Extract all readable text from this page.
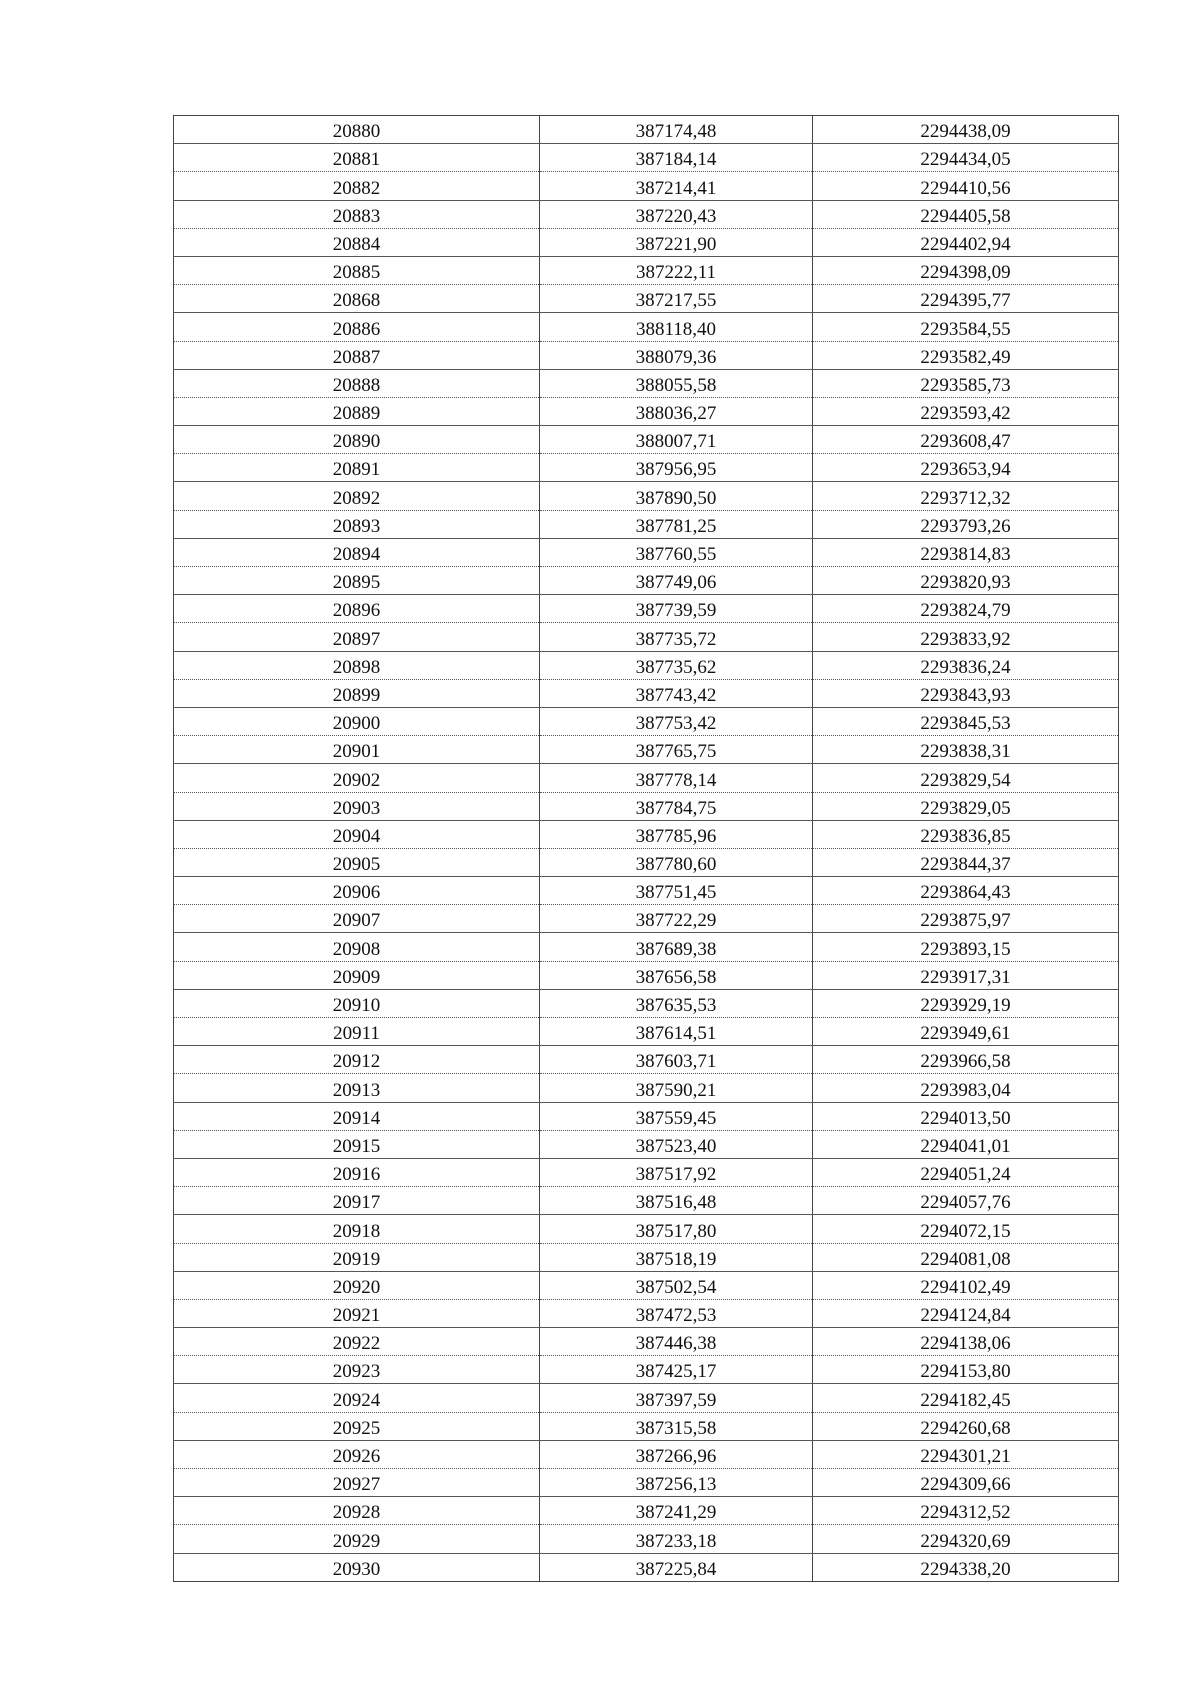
20880	387174,48	2294438,09
20881	387184,14	2294434,05
20882	387214,41	2294410,56
20883	387220,43	2294405,58
20884	387221,90	2294402,94
20885	387222,11	2294398,09
20868	387217,55	2294395,77
20886	388118,40	2293584,55
20887	388079,36	2293582,49
20888	388055,58	2293585,73
20889	388036,27	2293593,42
20890	388007,71	2293608,47
20891	387956,95	2293653,94
20892	387890,50	2293712,32
20893	387781,25	2293793,26
20894	387760,55	2293814,83
20895	387749,06	2293820,93
20896	387739,59	2293824,79
20897	387735,72	2293833,92
20898	387735,62	2293836,24
20899	387743,42	2293843,93
20900	387753,42	2293845,53
20901	387765,75	2293838,31
20902	387778,14	2293829,54
20903	387784,75	2293829,05
20904	387785,96	2293836,85
20905	387780,60	2293844,37
20906	387751,45	2293864,43
20907	387722,29	2293875,97
20908	387689,38	2293893,15
20909	387656,58	2293917,31
20910	387635,53	2293929,19
20911	387614,51	2293949,61
20912	387603,71	2293966,58
20913	387590,21	2293983,04
20914	387559,45	2294013,50
20915	387523,40	2294041,01
20916	387517,92	2294051,24
20917	387516,48	2294057,76
20918	387517,80	2294072,15
20919	387518,19	2294081,08
20920	387502,54	2294102,49
20921	387472,53	2294124,84
20922	387446,38	2294138,06
20923	387425,17	2294153,80
20924	387397,59	2294182,45
20925	387315,58	2294260,68
20926	387266,96	2294301,21
20927	387256,13	2294309,66
20928	387241,29	2294312,52
20929	387233,18	2294320,69
20930	387225,84	2294338,20
